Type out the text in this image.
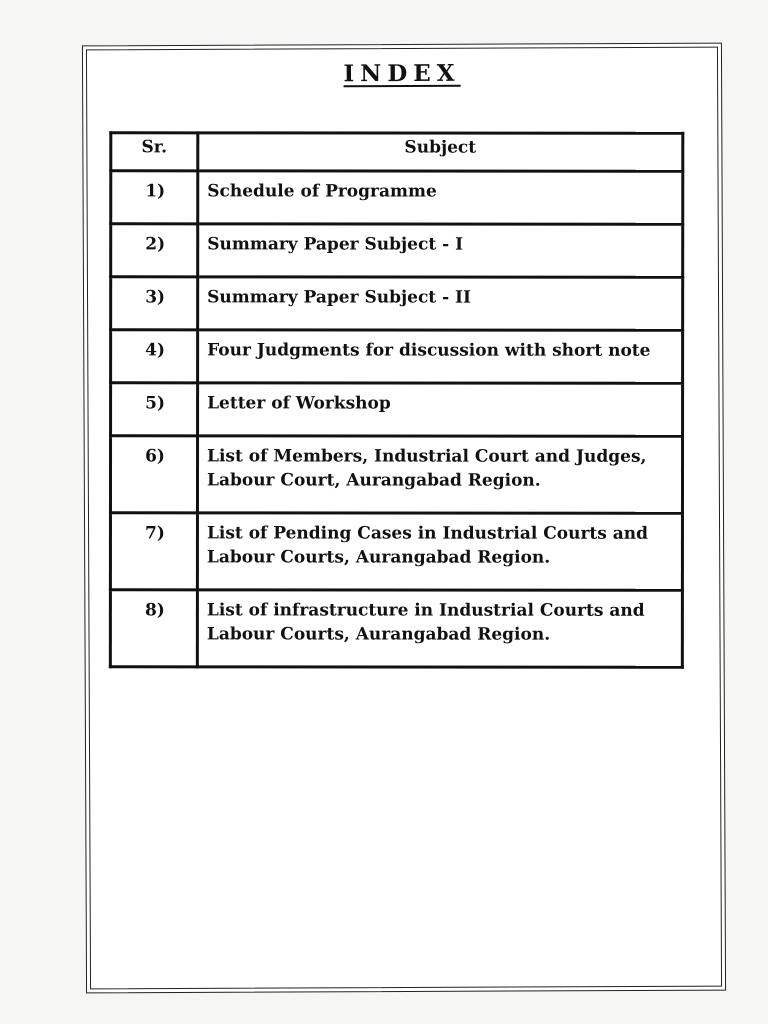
INDEX
Sr.	Subject
1)	Schedule of Programme
2)	Summary Paper Subject - I
3)	Summary Paper Subject - II
4)	Four Judgments for discussion with short note
5)	Letter of Workshop
6)	List of Members, Industrial Court and Judges, Labour Court, Aurangabad Region.
7)	List of Pending Cases in Industrial Courts and Labour Courts, Aurangabad Region.
8)	List of infrastructure in Industrial Courts and Labour Courts, Aurangabad Region.
